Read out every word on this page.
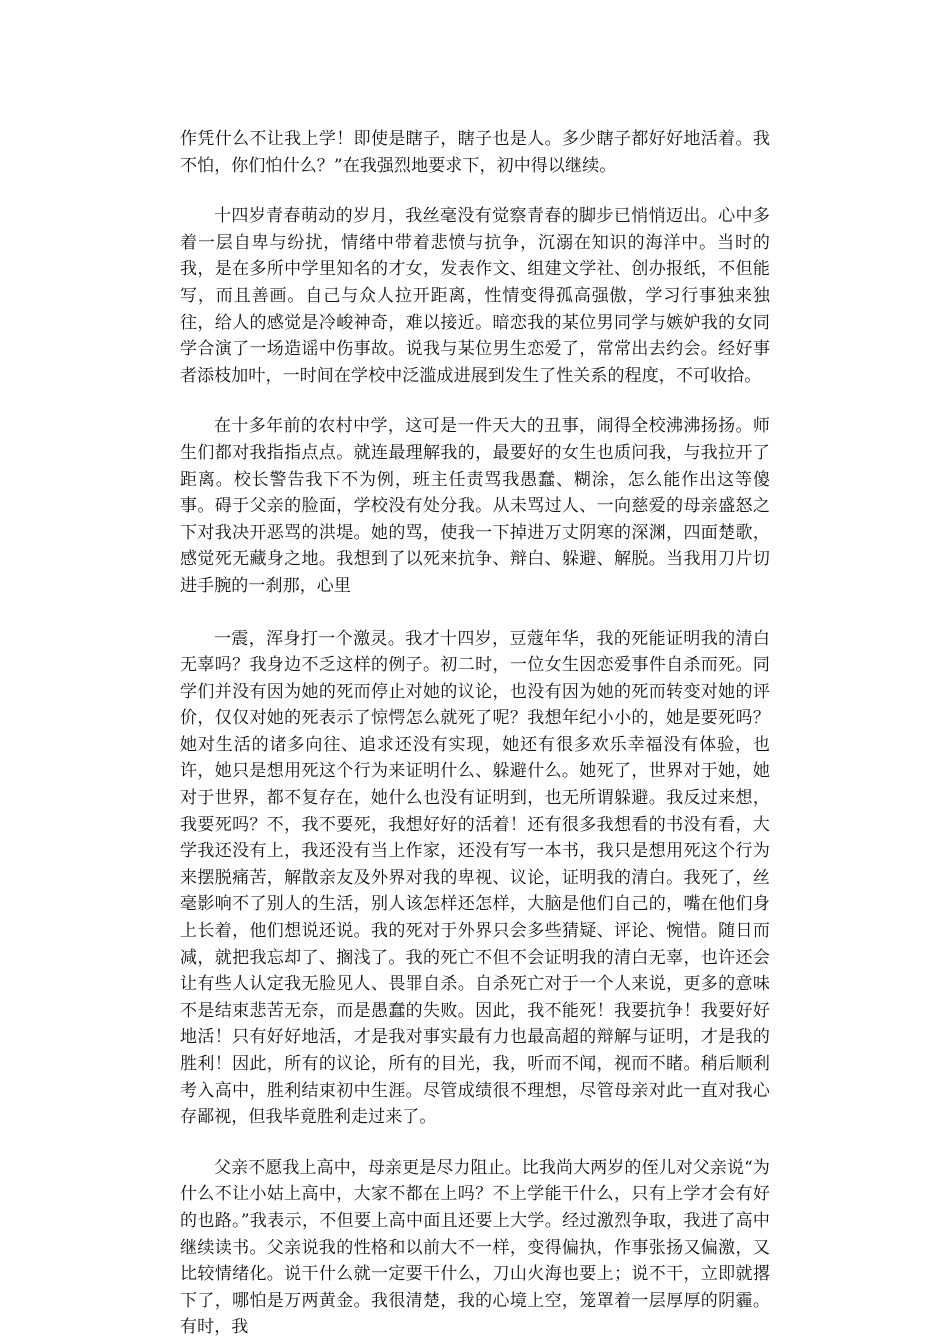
作凭什么不让我上学！即使是瞎子，瞎子也是人。多少瞎子都好好地活着。我不怕，你们怕什么？”在我强烈地要求下，初中得以继续。

十四岁青春萌动的岁月，我丝毫没有觉察青春的脚步已悄悄迈出。心中多着一层自卑与纷扰，情绪中带着悲愤与抗争，沉溺在知识的海洋中。当时的我，是在多所中学里知名的才女，发表作文、组建文学社、创办报纸，不但能写，而且善画。自己与众人拉开距离，性情变得孤高强傲，学习行事独来独往，给人的感觉是冷峻神奇，难以接近。暗恋我的某位男同学与嫉妒我的女同学合演了一场造谣中伤事故。说我与某位男生恋爱了，常常出去约会。经好事者添枝加叶，一时间在学校中泛滥成进展到发生了性关系的程度，不可收拾。

在十多年前的农村中学，这可是一件天大的丑事，闹得全校沸沸扬扬。师生们都对我指指点点。就连最理解我的，最要好的女生也质问我，与我拉开了距离。校长警告我下不为例，班主任责骂我愚蠢、糊涂，怎么能作出这等傻事。碍于父亲的脸面，学校没有处分我。从未骂过人、一向慈爱的母亲盛怒之下对我决开恶骂的洪堤。她的骂，使我一下掉进万丈阴寒的深渊，四面楚歌，感觉死无藏身之地。我想到了以死来抗争、辩白、躲避、解脱。当我用刀片切进手腕的一刹那，心里

一震，浑身打一个激灵。我才十四岁，豆蔻年华，我的死能证明我的清白无辜吗？我身边不乏这样的例子。初二时，一位女生因恋爱事件自杀而死。同学们并没有因为她的死而停止对她的议论，也没有因为她的死而转变对她的评价，仅仅对她的死表示了惊愕怎么就死了呢？我想年纪小小的，她是要死吗？她对生活的诸多向往、追求还没有实现，她还有很多欢乐幸福没有体验，也许，她只是想用死这个行为来证明什么、躲避什么。她死了，世界对于她，她对于世界，都不复存在，她什么也没有证明到，也无所谓躲避。我反过来想，我要死吗？不，我不要死，我想好好的活着！还有很多我想看的书没有看，大学我还没有上，我还没有当上作家，还没有写一本书，我只是想用死这个行为来摆脱痛苦，解散亲友及外界对我的卑视、议论，证明我的清白。我死了，丝毫影响不了别人的生活，别人该怎样还怎样，大脑是他们自己的，嘴在他们身上长着，他们想说还说。我的死对于外界只会多些猜疑、评论、惋惜。随日而减，就把我忘却了、搁浅了。我的死亡不但不会证明我的清白无辜，也许还会让有些人认定我无脸见人、畏罪自杀。自杀死亡对于一个人来说，更多的意味不是结束悲苦无奈，而是愚蠢的失败。因此，我不能死！我要抗争！我要好好地活！只有好好地活，才是我对事实最有力也最高超的辩解与证明，才是我的胜利！因此，所有的议论，所有的目光，我，听而不闻，视而不睹。稍后顺利考入高中，胜利结束初中生涯。尽管成绩很不理想，尽管母亲对此一直对我心存鄙视，但我毕竟胜利走过来了。

父亲不愿我上高中，母亲更是尽力阻止。比我尚大两岁的侄儿对父亲说“为什么不让小姑上高中，大家不都在上吗？不上学能干什么，只有上学才会有好的也路。”我表示，不但要上高中面且还要上大学。经过激烈争取，我进了高中继续读书。父亲说我的性格和以前大不一样，变得偏执，作事张扬又偏激，又比较情绪化。说干什么就一定要干什么，刀山火海也要上；说不干，立即就撂下了，哪怕是万两黄金。我很清楚，我的心境上空，笼罩着一层厚厚的阴霾。有时，我
